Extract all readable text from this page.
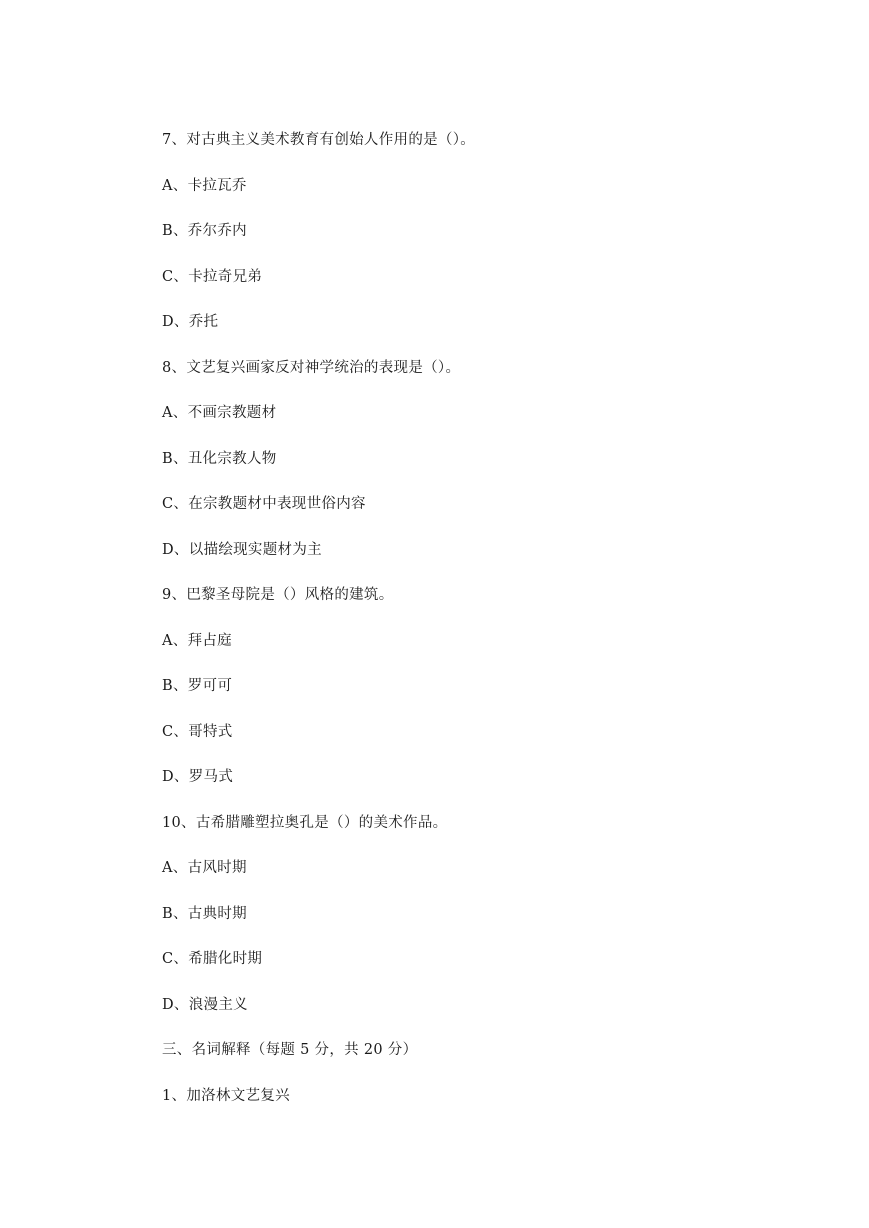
7、对古典主义美术教育有创始人作用的是（）。
A、卡拉瓦乔
B、乔尔乔内
C、卡拉奇兄弟
D、乔托
8、文艺复兴画家反对神学统治的表现是（）。
A、不画宗教题材
B、丑化宗教人物
C、在宗教题材中表现世俗内容
D、以描绘现实题材为主
9、巴黎圣母院是（）风格的建筑。
A、拜占庭
B、罗可可
C、哥特式
D、罗马式
10、古希腊雕塑拉奥孔是（）的美术作品。
A、古风时期
B、古典时期
C、希腊化时期
D、浪漫主义
三、名词解释（每题 5 分，共 20 分）
1、加洛林文艺复兴
